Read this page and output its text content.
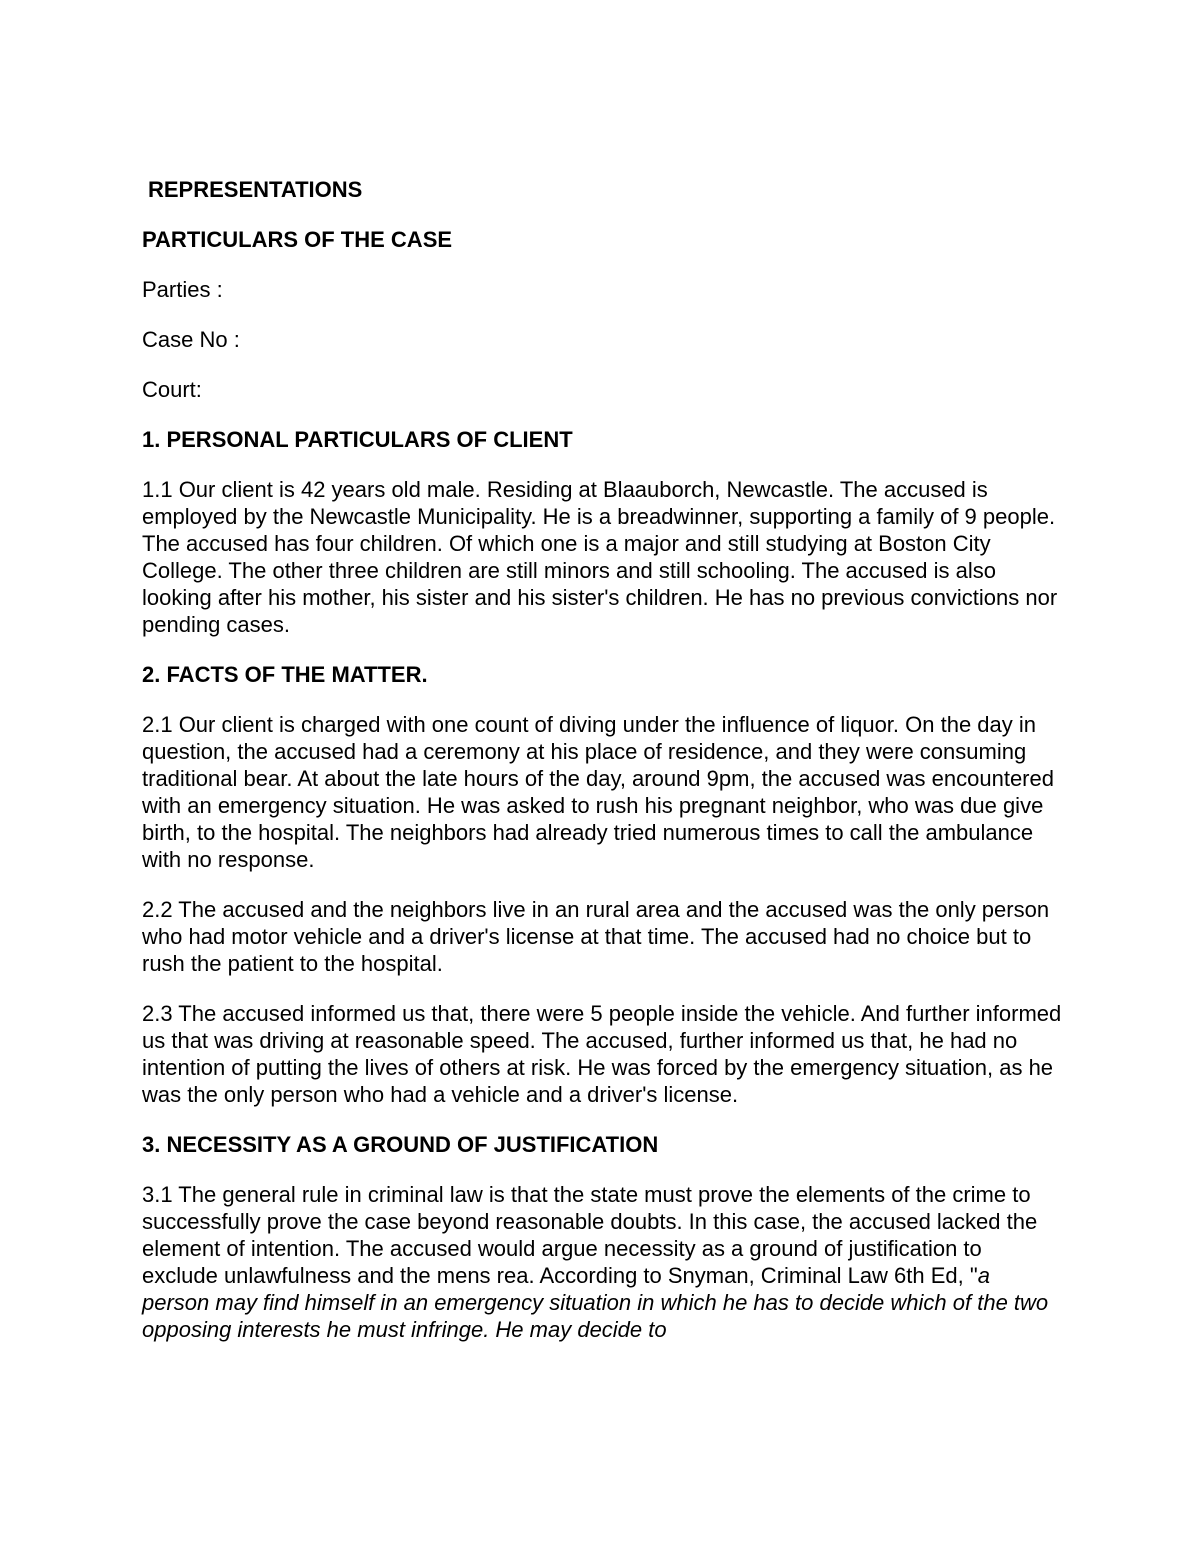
REPRESENTATIONS

PARTICULARS OF THE CASE

Parties :

Case No :

Court:

1. PERSONAL PARTICULARS OF CLIENT

1.1 Our client is 42 years old male. Residing at Blaauborch, Newcastle. The accused is employed by the Newcastle Municipality. He is a breadwinner, supporting a family of 9 people. The accused has four children. Of which one is a major and still studying at Boston City College. The other three children are still minors and still schooling. The accused is also looking after his mother, his sister and his sister's children. He has no previous convictions nor pending cases.

2. FACTS OF THE MATTER.

2.1 Our client is charged with one count of diving under the influence of liquor. On the day in question, the accused had a ceremony at his place of residence, and they were consuming traditional bear. At about the late hours of the day, around 9pm, the accused was encountered with an emergency situation. He was asked to rush his pregnant neighbor, who was due give birth, to the hospital. The neighbors had already tried numerous times to call the ambulance with no response.

2.2 The accused and the neighbors live in an rural area and the accused was the only person who had motor vehicle and a driver's license at that time. The accused had no choice but to rush the patient to the hospital.

2.3 The accused informed us that, there were 5 people inside the vehicle. And further informed us that was driving at reasonable speed. The accused, further informed us that, he had no intention of putting the lives of others at risk. He was forced by the emergency situation, as he was the only person who had a vehicle and a driver's license.

3. NECESSITY AS A GROUND OF JUSTIFICATION

3.1 The general rule in criminal law is that the state must prove the elements of the crime to successfully prove the case beyond reasonable doubts. In this case, the accused lacked the element of intention. The accused would argue necessity as a ground of justification to exclude unlawfulness and the mens rea. According to Snyman, Criminal Law 6th Ed, "a person may find himself in an emergency situation in which he has to decide which of the two opposing interests he must infringe. He may decide to
